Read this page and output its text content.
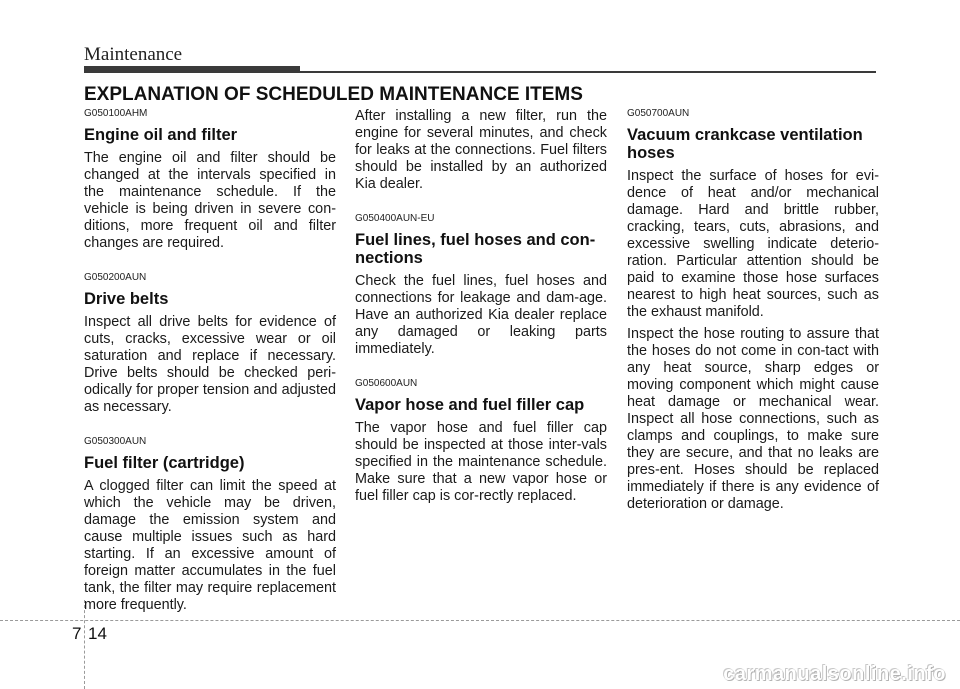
Maintenance
EXPLANATION OF SCHEDULED MAINTENANCE ITEMS
G050100AHM
Engine oil and filter

The engine oil and filter should be changed at the intervals specified in the maintenance schedule. If the vehicle is being driven in severe con-ditions, more frequent oil and filter changes are required.

G050200AUN
Drive belts

Inspect all drive belts for evidence of cuts, cracks, excessive wear or oil saturation and replace if necessary. Drive belts should be checked peri-odically for proper tension and adjusted as necessary.

G050300AUN
Fuel filter (cartridge)

A clogged filter can limit the speed at which the vehicle may be driven, damage the emission system and cause multiple issues such as hard starting. If an excessive amount of foreign matter accumulates in the fuel tank, the filter may require replacement more frequently.

After installing a new filter, run the engine for several minutes, and check for leaks at the connections. Fuel filters should be installed by an authorized Kia dealer.

G050400AUN-EU
Fuel lines, fuel hoses and con-nections

Check the fuel lines, fuel hoses and connections for leakage and dam-age. Have an authorized Kia dealer replace any damaged or leaking parts immediately.

G050600AUN
Vapor hose and fuel filler cap

The vapor hose and fuel filler cap should be inspected at those inter-vals specified in the maintenance schedule. Make sure that a new vapor hose or fuel filler cap is cor-rectly replaced.

G050700AUN
Vacuum crankcase ventilation hoses

Inspect the surface of hoses for evi-dence of heat and/or mechanical damage. Hard and brittle rubber, cracking, tears, cuts, abrasions, and excessive swelling indicate deterio-ration. Particular attention should be paid to examine those hose surfaces nearest to high heat sources, such as the exhaust manifold.

Inspect the hose routing to assure that the hoses do not come in con-tact with any heat source, sharp edges or moving component which might cause heat damage or mechanical wear. Inspect all hose connections, such as clamps and couplings, to make sure they are secure, and that no leaks are pres-ent. Hoses should be replaced immediately if there is any evidence of deterioration or damage.

7 14
carmanualsonline.info
